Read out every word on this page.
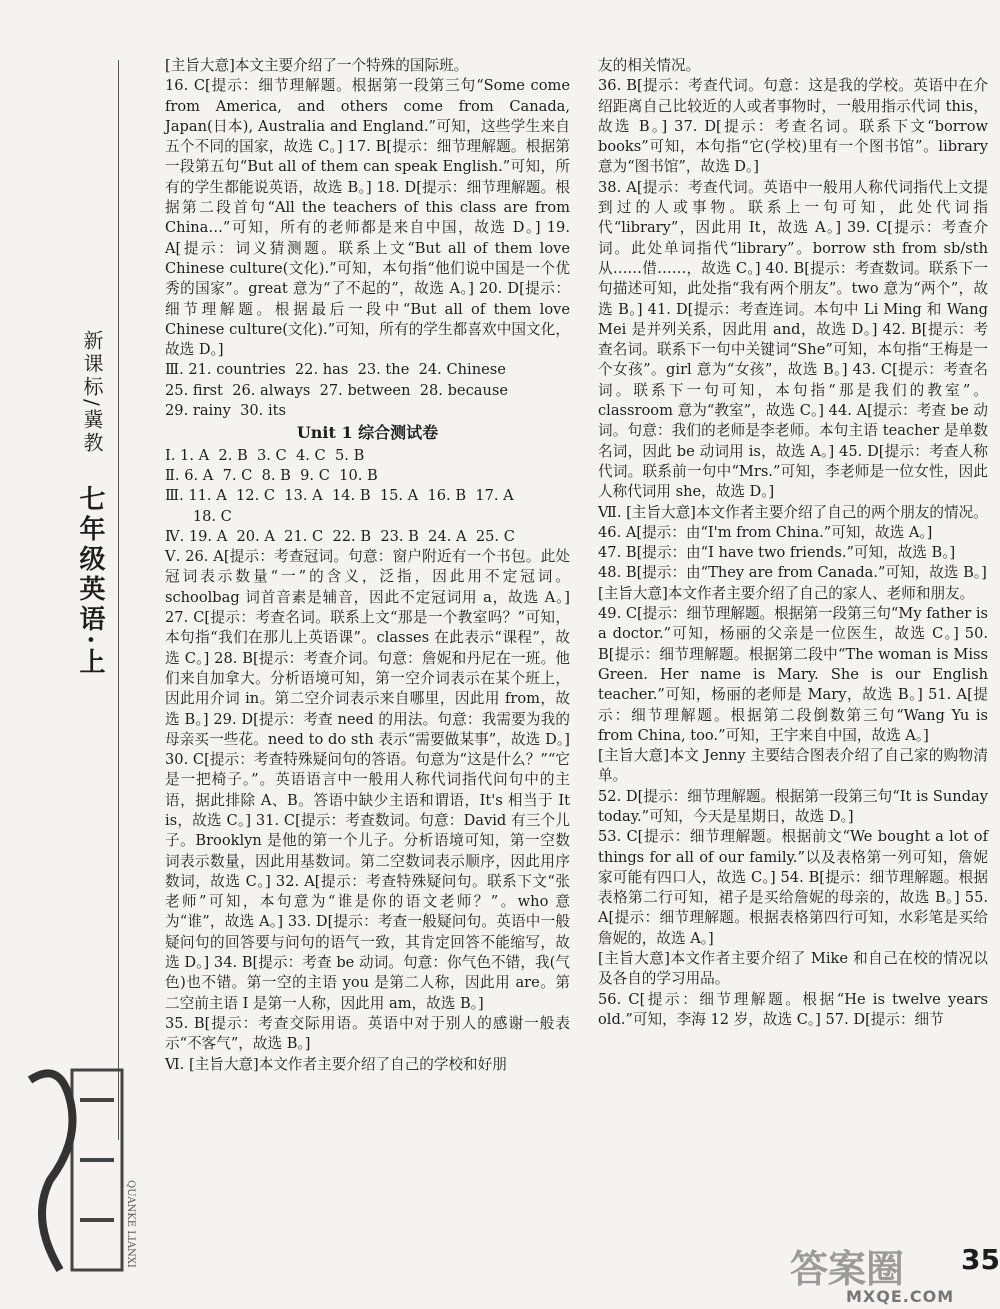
新课标/冀教
七年级英语·上
QUANKE LIANXI

[主旨大意]本文主要介绍了一个特殊的国际班。

16. C[提示：细节理解题。根据第一段第三句“Some come from America, and others come from Canada, Japan(日本), Australia and England.”可知，这些学生来自五个不同的国家，故选 C。] 17. B[提示：细节理解题。根据第一段第五句“But all of them can speak English.”可知，所有的学生都能说英语，故选 B。] 18. D[提示：细节理解题。根据第二段首句“All the teachers of this class are from China…”可知，所有的老师都是来自中国，故选 D。] 19. A[提示：词义猜测题。联系上文“But all of them love Chinese culture(文化).”可知，本句指“他们说中国是一个优秀的国家”。great 意为“了不起的”，故选 A。] 20. D[提示：细节理解题。根据最后一段中“But all of them love Chinese culture(文化).”可知，所有的学生都喜欢中国文化，故选 D。]

Ⅲ. 21. countries  22. has  23. the  24. Chinese

25. first  26. always  27. between  28. because

29. rainy  30. its

Unit 1 综合测试卷

Ⅰ. 1. A  2. B  3. C  4. C  5. B

Ⅱ. 6. A  7. C  8. B  9. C  10. B

Ⅲ. 11. A  12. C  13. A  14. B  15. A  16. B  17. A

18. C

Ⅳ. 19. A  20. A  21. C  22. B  23. B  24. A  25. C

Ⅴ. 26. A[提示：考查冠词。句意：窗户附近有一个书包。此处冠词表示数量“一”的含义，泛指，因此用不定冠词。schoolbag 词首音素是辅音，因此不定冠词用 a，故选 A。] 27. C[提示：考查名词。联系上文“那是一个教室吗？”可知，本句指“我们在那儿上英语课”。classes 在此表示“课程”，故选 C。] 28. B[提示：考查介词。句意：詹妮和丹尼在一班。他们来自加拿大。分析语境可知，第一空介词表示在某个班上，因此用介词 in。第二空介词表示来自哪里，因此用 from，故选 B。] 29. D[提示：考查 need 的用法。句意：我需要为我的母亲买一些花。need to do sth 表示“需要做某事”，故选 D。] 30. C[提示：考查特殊疑问句的答语。句意为“这是什么？”“它是一把椅子。”。英语语言中一般用人称代词指代问句中的主语，据此排除 A、B。答语中缺少主语和谓语，It's 相当于 It is，故选 C。] 31. C[提示：考查数词。句意：David 有三个儿子。Brooklyn 是他的第一个儿子。分析语境可知，第一空数词表示数量，因此用基数词。第二空数词表示顺序，因此用序数词，故选 C。] 32. A[提示：考查特殊疑问句。联系下文“张老师”可知，本句意为“谁是你的语文老师？”。who 意为“谁”，故选 A。] 33. D[提示：考查一般疑问句。英语中一般疑问句的回答要与问句的语气一致，其肯定回答不能缩写，故选 D。] 34. B[提示：考查 be 动词。句意：你气色不错，我(气色)也不错。第一空的主语 you 是第二人称，因此用 are。第二空前主语 I 是第一人称，因此用 am，故选 B。]

35. B[提示：考查交际用语。英语中对于别人的感谢一般表示“不客气”，故选 B。]

Ⅵ. [主旨大意]本文作者主要介绍了自己的学校和好朋

友的相关情况。

36. B[提示：考查代词。句意：这是我的学校。英语中在介绍距离自己比较近的人或者事物时，一般用指示代词 this，故选 B。] 37. D[提示：考查名词。联系下文“borrow books”可知，本句指“它(学校)里有一个图书馆”。library 意为“图书馆”，故选 D。]

38. A[提示：考查代词。英语中一般用人称代词指代上文提到过的人或事物。联系上一句可知，此处代词指代“library”，因此用 It，故选 A。] 39. C[提示：考查介词。此处单词指代“library”。borrow sth from sb/sth 从……借……，故选 C。] 40. B[提示：考查数词。联系下一句描述可知，此处指“我有两个朋友”。two 意为“两个”，故选 B。] 41. D[提示：考查连词。本句中 Li Ming 和 Wang Mei 是并列关系，因此用 and，故选 D。] 42. B[提示：考查名词。联系下一句中关键词“She”可知，本句指“王梅是一个女孩”。girl 意为“女孩”，故选 B。] 43. C[提示：考查名词。联系下一句可知，本句指“那是我们的教室”。classroom 意为“教室”，故选 C。] 44. A[提示：考查 be 动词。句意：我们的老师是李老师。本句主语 teacher 是单数名词，因此 be 动词用 is，故选 A。] 45. D[提示：考查人称代词。联系前一句中“Mrs.”可知，李老师是一位女性，因此人称代词用 she，故选 D。]

Ⅶ. [主旨大意]本文作者主要介绍了自己的两个朋友的情况。

46. A[提示：由“I'm from China.”可知，故选 A。]

47. B[提示：由“I have two friends.”可知，故选 B。]

48. B[提示：由“They are from Canada.”可知，故选 B。]

[主旨大意]本文作者主要介绍了自己的家人、老师和朋友。

49. C[提示：细节理解题。根据第一段第三句“My father is a doctor.”可知，杨丽的父亲是一位医生，故选 C。] 50. B[提示：细节理解题。根据第二段中“The woman is Miss Green. Her name is Mary. She is our English teacher.”可知，杨丽的老师是 Mary，故选 B。] 51. A[提示：细节理解题。根据第二段倒数第三句“Wang Yu is from China, too.”可知，王宇来自中国，故选 A。]

[主旨大意]本文 Jenny 主要结合图表介绍了自己家的购物清单。

52. D[提示：细节理解题。根据第一段第三句“It is Sunday today.”可知，今天是星期日，故选 D。]

53. C[提示：细节理解题。根据前文“We bought a lot of things for all of our family.”以及表格第一列可知，詹妮家可能有四口人，故选 C。] 54. B[提示：细节理解题。根据表格第二行可知，裙子是买给詹妮的母亲的，故选 B。] 55. A[提示：细节理解题。根据表格第四行可知，水彩笔是买给詹妮的，故选 A。]

[主旨大意]本文作者主要介绍了 Mike 和自己在校的情况以及各自的学习用品。

56. C[提示：细节理解题。根据“He is twelve years old.”可知，李海 12 岁，故选 C。] 57. D[提示：细节

35
答案圈
MXQE.COM
